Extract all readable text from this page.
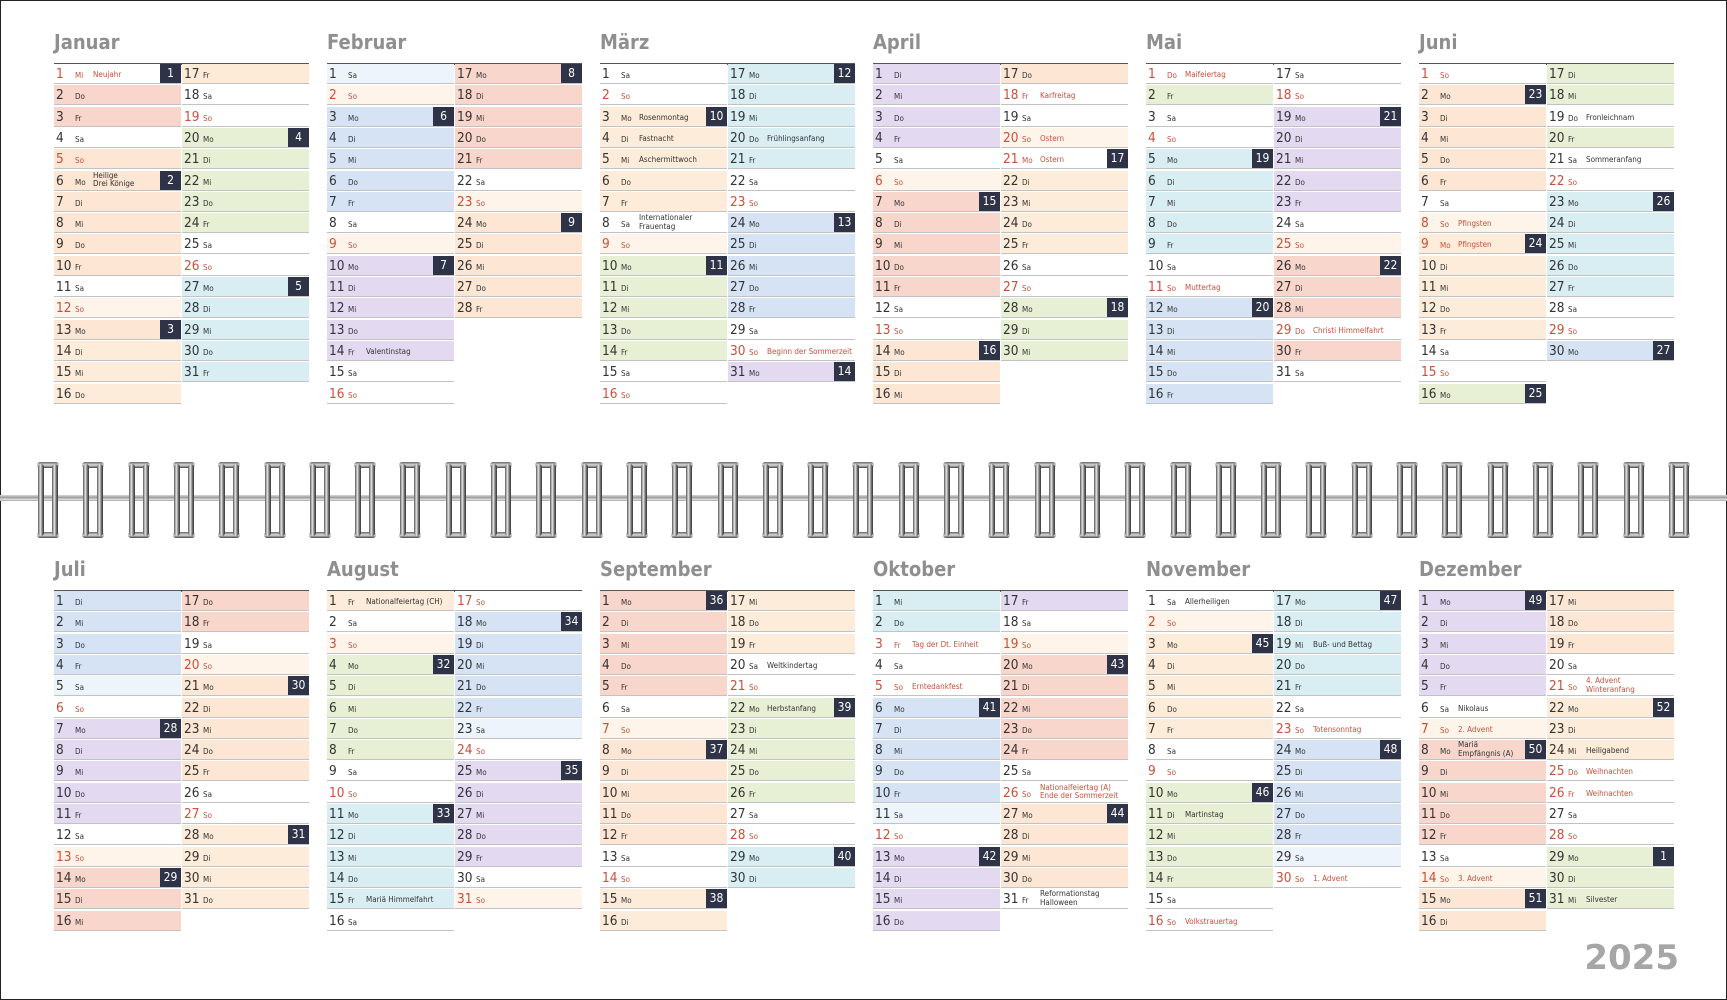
Januar
1 Mi Neujahr	1
2 Do
3 Fr
4 Sa
5 So
6 Mo
Heilige
Drei Könige	2
7 Di
8 Mi
9 Do
10 Fr
11 Sa
12 So
13 Mo	3
14 Di
15 Mi
16 Do
17 Fr
18 Sa
19 So
20 Mo	4
21 Di
22 Mi
23 Do
24 Fr
25 Sa
26 So
27 Mo	5
28 Di
29 Mi
30 Do
31 Fr
Februar
1 Sa
2 So
3 Mo	6
4 Di
5 Mi
6 Do
7 Fr
8 Sa
9 So
10 Mo	7
11 Di
12 Mi
13 Do
14 Fr Valentinstag
15 Sa
16 So
17 Mo	8
18 Di
19 Mi
20 Do
21 Fr
22 Sa
23 So
24 Mo	9
25 Di
26 Mi
27 Do
28 Fr
März
1 Sa
2 So
3 Mo Rosenmontag	10
4 Di Fastnacht
5 Mi Aschermittwoch
6 Do
7 Fr
8 Sa
Internationaler
Frauentag
9 So
10 Mo	11
11 Di
12 Mi
13 Do
14 Fr
15 Sa
16 So
17 Mo	12
18 Di
19 Mi
20 Do Frühlingsanfang
21 Fr
22 Sa
23 So
24 Mo	13
25 Di
26 Mi
27 Do
28 Fr
29 Sa
30 So Beginn der Sommerzeit
31 Mo	14
April
1 Di
2 Mi
3 Do
4 Fr
5 Sa
6 So
7 Mo	15
8 Di
9 Mi
10 Do
11 Fr
12 Sa
13 So
14 Mo	16
15 Di
16 Mi
17 Do
18 Fr Karfreitag
19 Sa
20 So Ostern
21 Mo Ostern	17
22 Di
23 Mi
24 Do
25 Fr
26 Sa
27 So
28 Mo	18
29 Di
30 Mi
Mai
1 Do Maifeiertag
2 Fr
3 Sa
4 So
5 Mo	19
6 Di
7 Mi
8 Do
9 Fr
10 Sa
11 So Muttertag
12 Mo	20
13 Di
14 Mi
15 Do
16 Fr
17 Sa
18 So
19 Mo	21
20 Di
21 Mi
22 Do
23 Fr
24 Sa
25 So
26 Mo	22
27 Di
28 Mi
29 Do Christi Himmelfahrt
30 Fr
31 Sa
Juni
1 So
2 Mo	23
3 Di
4 Mi
5 Do
6 Fr
7 Sa
8 So Pfingsten
9 Mo Pfingsten	24
10 Di
11 Mi
12 Do
13 Fr
14 Sa
15 So
16 Mo	25
17 Di
18 Mi
19 Do Fronleichnam
20 Fr
21 Sa Sommeranfang
22 So
23 Mo	26
24 Di
25 Mi
26 Do
27 Fr
28 Sa
29 So
30 Mo	27
Juli
1 Di
2 Mi
3 Do
4 Fr
5 Sa
6 So
7 Mo	28
8 Di
9 Mi
10 Do
11 Fr
12 Sa
13 So
14 Mo	29
15 Di
16 Mi
17 Do
18 Fr
19 Sa
20 So
21 Mo	30
22 Di
23 Mi
24 Do
25 Fr
26 Sa
27 So
28 Mo	31
29 Di
30 Mi
31 Do
August
1 Fr Nationalfeiertag (CH)
2 Sa
3 So
4 Mo	32
5 Di
6 Mi
7 Do
8 Fr
9 Sa
10 So
11 Mo	33
12 Di
13 Mi
14 Do
15 Fr Mariä Himmelfahrt
16 Sa
17 So
18 Mo	34
19 Di
20 Mi
21 Do
22 Fr
23 Sa
24 So
25 Mo	35
26 Di
27 Mi
28 Do
29 Fr
30 Sa
31 So
September
1 Mo	36
2 Di
3 Mi
4 Do
5 Fr
6 Sa
7 So
8 Mo	37
9 Di
10 Mi
11 Do
12 Fr
13 Sa
14 So
15 Mo	38
16 Di
17 Mi
18 Do
19 Fr
20 Sa Weltkindertag
21 So
22 Mo Herbstanfang	39
23 Di
24 Mi
25 Do
26 Fr
27 Sa
28 So
29 Mo	40
30 Di
Oktober
1 Mi
2 Do
3 Fr Tag der Dt. Einheit
4 Sa
5 So Erntedankfest
6 Mo	41
7 Di
8 Mi
9 Do
10 Fr
11 Sa
12 So
13 Mo	42
14 Di
15 Mi
16 Do
17 Fr
18 Sa
19 So
20 Mo	43
21 Di
22 Mi
23 Do
24 Fr
25 Sa
26 So
Nationalfeiertag (A)
Ende der Sommerzeit
27 Mo	44
28 Di
29 Mi
30 Do
31 Fr
Reformationstag
Halloween
November
1 Sa Allerheiligen
2 So
3 Mo	45
4 Di
5 Mi
6 Do
7 Fr
8 Sa
9 So
10 Mo	46
11 Di Martinstag
12 Mi
13 Do
14 Fr
15 Sa
16 So Volkstrauertag
17 Mo	47
18 Di
19 Mi Buß- und Bettag
20 Do
21 Fr
22 Sa
23 So Totensonntag
24 Mo	48
25 Di
26 Mi
27 Do
28 Fr
29 Sa
30 So 1. Advent
Dezember
1 Mo	49
2 Di
3 Mi
4 Do
5 Fr
6 Sa Nikolaus
7 So 2. Advent
8 Mo
Mariä
Empfängnis (A)	50
9 Di
10 Mi
11 Do
12 Fr
13 Sa
14 So 3. Advent
15 Mo	51
16 Di
17 Mi
18 Do
19 Fr
20 Sa
21 So
4. Advent
Winteranfang
22 Mo	52
23 Di
24 Mi Heiligabend
25 Do Weihnachten
26 Fr Weihnachten
27 Sa
28 So
29 Mo	1
30 Di
31 Mi Silvester
2025
